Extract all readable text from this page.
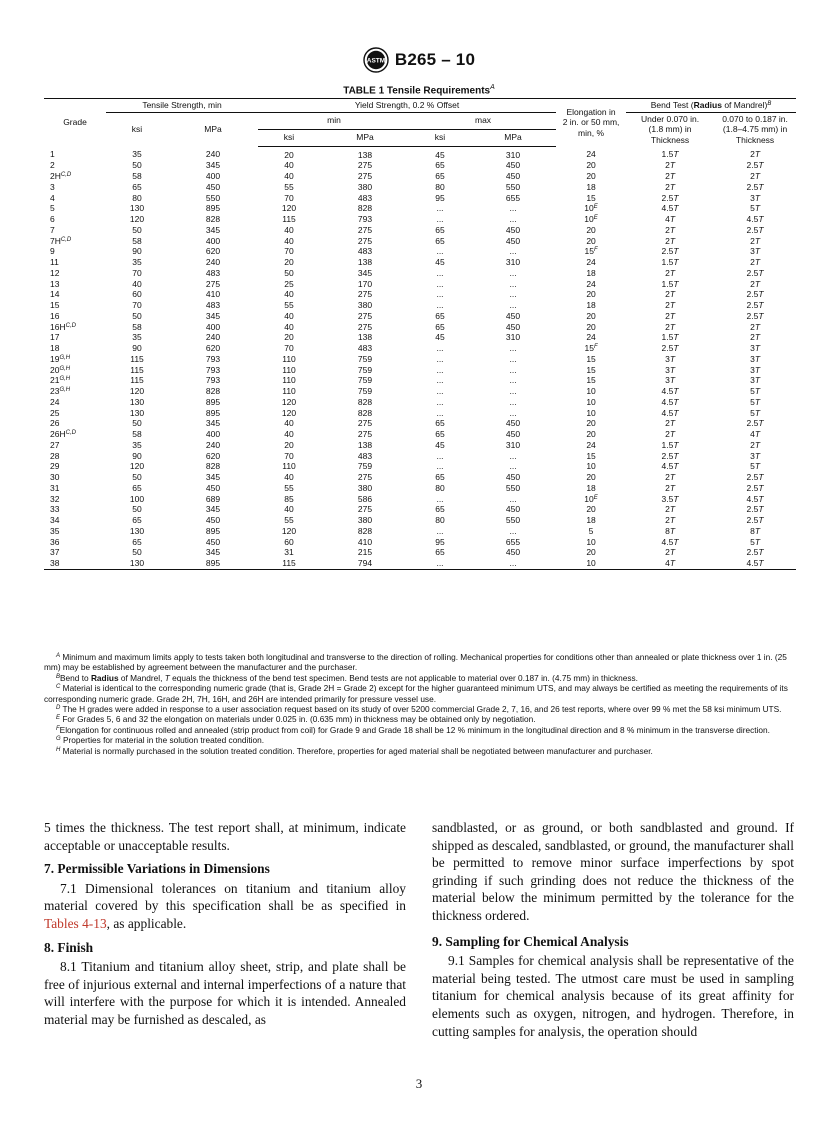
ASTM B265 – 10
TABLE 1 Tensile Requirements$^A$
Grade	Tensile Strength, min		Yield Strength, 0.2 % Offset				Elongation in
2 in. or 50 mm,
min, %	Bend Test (Radius of Mandrel)$^B$
	ksi	MPa	min		max			Under 0.070 in.
(1.8 mm) in
Thickness	0.070 to 0.187 in.
(1.8–4.75 mm) in
Thickness
			ksi	MPa	ksi	MPa			
1	35	240	20	138	45	310	24	1.5T	2T
2	50	345	40	275	65	450	20	2T	2.5T
$2H^{C,D}$	58	400	40	275	65	450	20	2T	2T
3	65	450	55	380	80	550	18	2T	2.5T
4	80	550	70	483	95	655	15	2.5T	3T
5	130	895	120	828	...	...	$10^E$	4.5T	5T
6	120	828	115	793	...	...	$10^E$	4T	4.5T
7	50	345	40	275	65	450	20	2T	2.5T
$7H^{C,D}$	58	400	40	275	65	450	20	2T	2T
9	90	620	70	483	...	...	$15^F$	2.5T	3T
11	35	240	20	138	45	310	24	1.5T	2T
12	70	483	50	345	...	...	18	2T	2.5T
13	40	275	25	170	...	...	24	1.5T	2T
14	60	410	40	275	...	...	20	2T	2.5T
15	70	483	55	380	...	...	18	2T	2.5T
16	50	345	40	275	65	450	20	2T	2.5T
$16H^{C,D}$	58	400	40	275	65	450	20	2T	2T
17	35	240	20	138	45	310	24	1.5T	2T
18	90	620	70	483	...	...	$15^F$	2.5T	3T
$19^{G,H}$	115	793	110	759	...	...	15	3T	3T
$20^{G,H}$	115	793	110	759	...	...	15	3T	3T
$21^{G,H}$	115	793	110	759	...	...	15	3T	3T
$23^{G,H}$	120	828	110	759	...	...	10	4.5T	5T
24	130	895	120	828	...	...	10	4.5T	5T
25	130	895	120	828	...	...	10	4.5T	5T
26	50	345	40	275	65	450	20	2T	2.5T
$26H^{C,D}$	58	400	40	275	65	450	20	2T	4T
27	35	240	20	138	45	310	24	1.5T	2T
28	90	620	70	483	...	...	15	2.5T	3T
29	120	828	110	759	...	...	10	4.5T	5T
30	50	345	40	275	65	450	20	2T	2.5T
31	65	450	55	380	80	550	18	2T	2.5T
32	100	689	85	586	...	...	$10^E$	3.5T	4.5T
33	50	345	40	275	65	450	20	2T	2.5T
34	65	450	55	380	80	550	18	2T	2.5T
35	130	895	120	828	...	...	5	8T	8T
36	65	450	60	410	95	655	10	4.5T	5T
37	50	345	31	215	65	450	20	2T	2.5T
38	130	895	115	794	...	...	10	4T	4.5T

$^A$ Minimum and maximum limits apply to tests taken both longitudinal and transverse to the direction of rolling. Mechanical properties for conditions other than annealed or plate thickness over 1 in. (25 mm) may be established by agreement between the manufacturer and the purchaser.

$^B$Bend to Radius of Mandrel, T equals the thickness of the bend test specimen. Bend tests are not applicable to material over 0.187 in. (4.75 mm) in thickness.

$^C$ Material is identical to the corresponding numeric grade (that is, Grade 2H = Grade 2) except for the higher guaranteed minimum UTS, and may always be certified as meeting the requirements of its corresponding numeric grade. Grade 2H, 7H, 16H, and 26H are intended primarily for pressure vessel use.

$^D$ The H grades were added in response to a user association request based on its study of over 5200 commercial Grade 2, 7, 16, and 26 test reports, where over 99 % met the 58 ksi minimum UTS.

$^E$ For Grades 5, 6 and 32 the elongation on materials under 0.025 in. (0.635 mm) in thickness may be obtained only by negotiation.

$^F$Elongation for continuous rolled and annealed (strip product from coil) for Grade 9 and Grade 18 shall be 12 % minimum in the longitudinal direction and 8 % minimum in the transverse direction.

$^G$ Properties for material in the solution treated condition.

$^H$ Material is normally purchased in the solution treated condition. Therefore, properties for aged material shall be negotiated between manufacturer and purchaser.

5 times the thickness. The test report shall, at minimum, indicate acceptable or unacceptable results.

7. Permissible Variations in Dimensions

7.1 Dimensional tolerances on titanium and titanium alloy material covered by this specification shall be as specified in Tables 4-13, as applicable.

8. Finish

8.1 Titanium and titanium alloy sheet, strip, and plate shall be free of injurious external and internal imperfections of a nature that will interfere with the purpose for which it is intended. Annealed material may be furnished as descaled, as

sandblasted, or as ground, or both sandblasted and ground. If shipped as descaled, sandblasted, or ground, the manufacturer shall be permitted to remove minor surface imperfections by spot grinding if such grinding does not reduce the thickness of the material below the minimum permitted by the tolerance for the thickness ordered.

9. Sampling for Chemical Analysis

9.1 Samples for chemical analysis shall be representative of the material being tested. The utmost care must be used in sampling titanium for chemical analysis because of its great affinity for elements such as oxygen, nitrogen, and hydrogen. Therefore, in cutting samples for analysis, the operation should

3
